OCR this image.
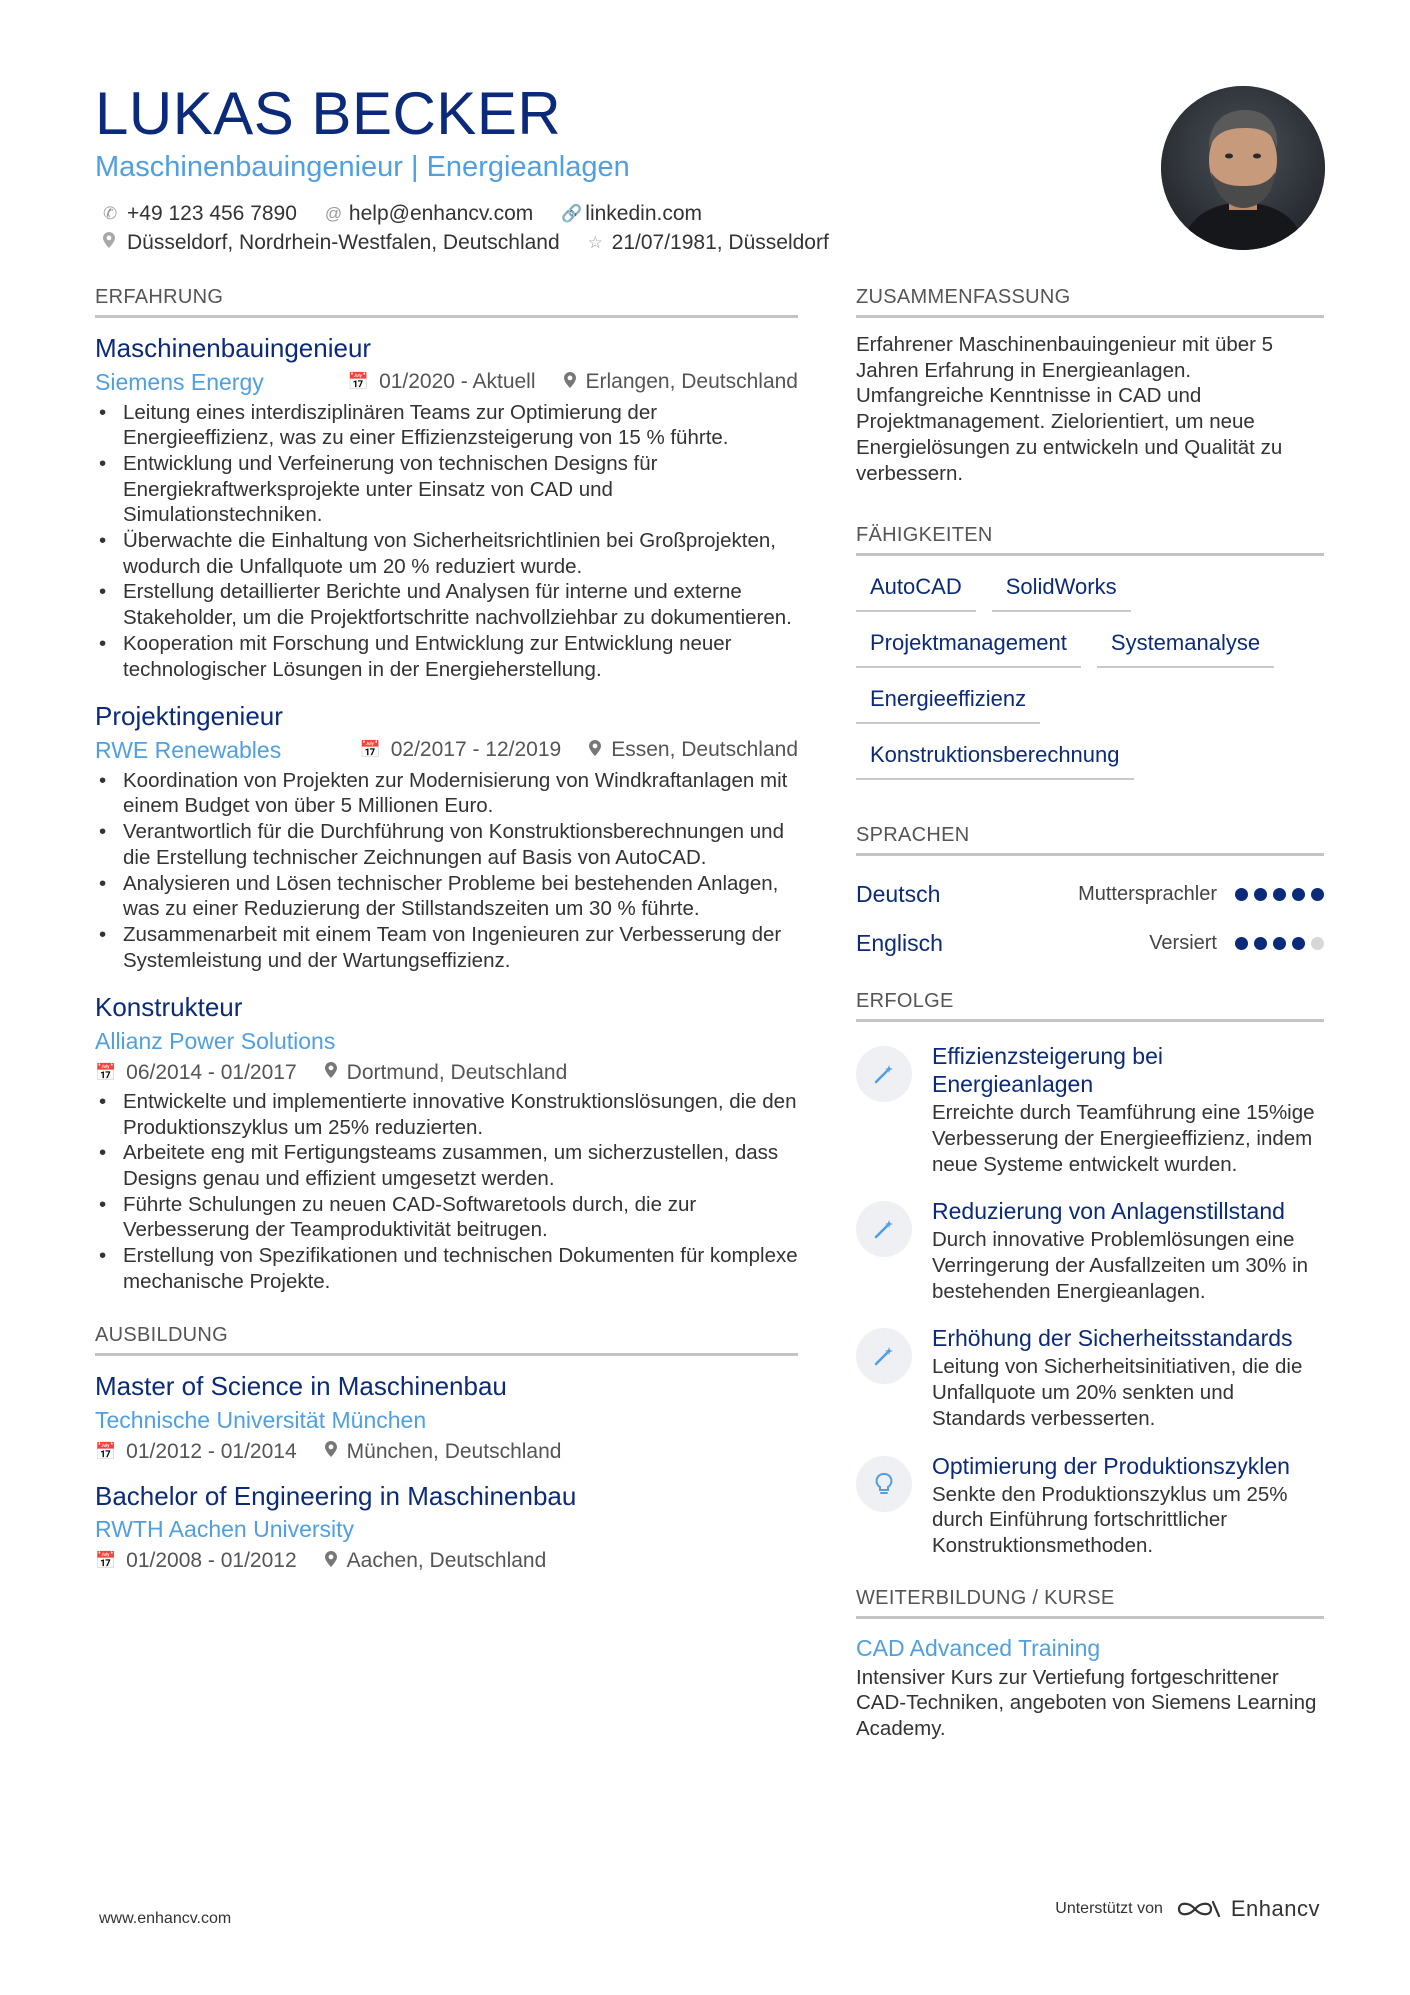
LUKAS BECKER
Maschinenbauingenieur | Energieanlagen
✆ +49 123 456 7890 @ help@enhancv.com 🔗 linkedin.com
Düsseldorf, Nordrhein-Westfalen, Deutschland ☆ 21/07/1981, Düsseldorf
ERFAHRUNG
Maschinenbauingenieur
Siemens Energy	📅 01/2020 - Aktuell Erlangen, Deutschland
• Leitung eines interdisziplinären Teams zur Optimierung der Energieeffizienz, was zu einer Effizienzsteigerung von 15 % führte.
• Entwicklung und Verfeinerung von technischen Designs für Energiekraftwerksprojekte unter Einsatz von CAD und Simulationstechniken.
• Überwachte die Einhaltung von Sicherheitsrichtlinien bei Großprojekten, wodurch die Unfallquote um 20 % reduziert wurde.
• Erstellung detaillierter Berichte und Analysen für interne und externe Stakeholder, um die Projektfortschritte nachvollziehbar zu dokumentieren.
• Kooperation mit Forschung und Entwicklung zur Entwicklung neuer technologischer Lösungen in der Energieherstellung.
Projektingenieur
RWE Renewables	📅 02/2017 - 12/2019 Essen, Deutschland
• Koordination von Projekten zur Modernisierung von Windkraftanlagen mit einem Budget von über 5 Millionen Euro.
• Verantwortlich für die Durchführung von Konstruktionsberechnungen und die Erstellung technischer Zeichnungen auf Basis von AutoCAD.
• Analysieren und Lösen technischer Probleme bei bestehenden Anlagen, was zu einer Reduzierung der Stillstandszeiten um 30 % führte.
• Zusammenarbeit mit einem Team von Ingenieuren zur Verbesserung der Systemleistung und der Wartungseffizienz.
Konstrukteur
Allianz Power Solutions
📅 06/2014 - 01/2017 Dortmund, Deutschland
• Entwickelte und implementierte innovative Konstruktionslösungen, die den Produktionszyklus um 25% reduzierten.
• Arbeitete eng mit Fertigungsteams zusammen, um sicherzustellen, dass Designs genau und effizient umgesetzt werden.
• Führte Schulungen zu neuen CAD-Softwaretools durch, die zur Verbesserung der Teamproduktivität beitrugen.
• Erstellung von Spezifikationen und technischen Dokumenten für komplexe mechanische Projekte.
AUSBILDUNG
Master of Science in Maschinenbau
Technische Universität München
📅 01/2012 - 01/2014 München, Deutschland
Bachelor of Engineering in Maschinenbau
RWTH Aachen University
📅 01/2008 - 01/2012 Aachen, Deutschland
ZUSAMMENFASSUNG
Erfahrener Maschinenbauingenieur mit über 5 Jahren Erfahrung in Energieanlagen. Umfangreiche Kenntnisse in CAD und Projektmanagement. Zielorientiert, um neue Energielösungen zu entwickeln und Qualität zu verbessern.
FÄHIGKEITEN
AutoCAD	SolidWorks
Projektmanagement	Systemanalyse
Energieeffizienz
Konstruktionsberechnung
SPRACHEN
Deutsch	Muttersprachler
Englisch	Versiert
ERFOLGE
Effizienzsteigerung bei Energieanlagen
Erreichte durch Teamführung eine 15%ige Verbesserung der Energieeffizienz, indem neue Systeme entwickelt wurden.
Reduzierung von Anlagenstillstand
Durch innovative Problemlösungen eine Verringerung der Ausfallzeiten um 30% in bestehenden Energieanlagen.
Erhöhung der Sicherheitsstandards
Leitung von Sicherheitsinitiativen, die die Unfallquote um 20% senkten und Standards verbesserten.
Optimierung der Produktionszyklen
Senkte den Produktionszyklus um 25% durch Einführung fortschrittlicher Konstruktionsmethoden.
WEITERBILDUNG / KURSE
CAD Advanced Training
Intensiver Kurs zur Vertiefung fortgeschrittener CAD-Techniken, angeboten von Siemens Learning Academy.
www.enhancv.com
Unterstützt von	Enhancv
